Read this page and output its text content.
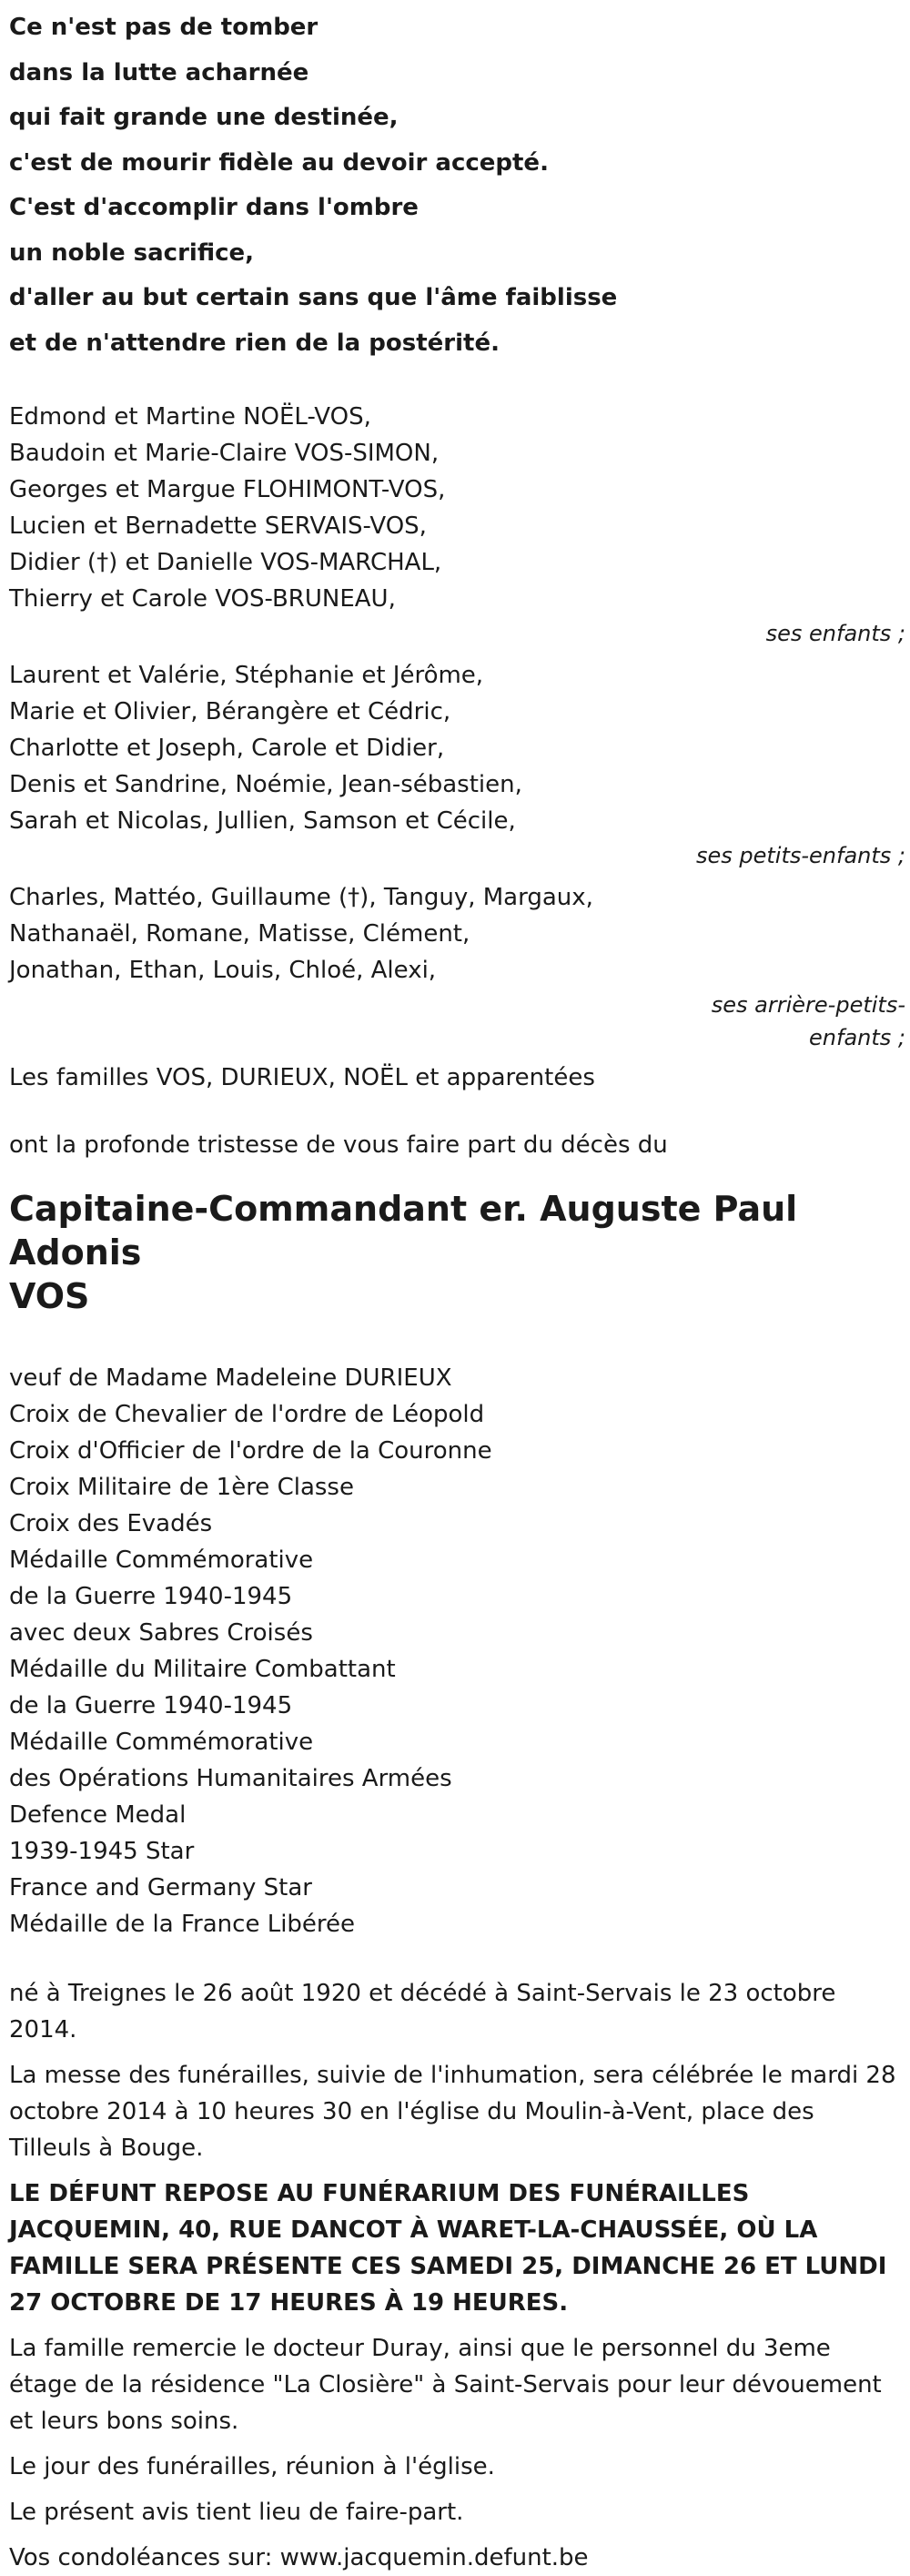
Ce n'est pas de tomber
dans la lutte acharnée
qui fait grande une destinée,
c'est de mourir fidèle au devoir accepté.
C'est d'accomplir dans l'ombre
un noble sacrifice,
d'aller au but certain sans que l'âme faiblisse
et de n'attendre rien de la postérité.
Edmond et Martine NOËL-VOS,
Baudoin et Marie-Claire VOS-SIMON,
Georges et Margue FLOHIMONT-VOS,
Lucien et Bernadette SERVAIS-VOS,
Didier (†) et Danielle VOS-MARCHAL,
Thierry et Carole VOS-BRUNEAU,
ses enfants ;
Laurent et Valérie, Stéphanie et Jérôme,
Marie et Olivier, Bérangère et Cédric,
Charlotte et Joseph, Carole et Didier,
Denis et Sandrine, Noémie, Jean-sébastien,
Sarah et Nicolas, Jullien, Samson et Cécile,
ses petits-enfants ;
Charles, Mattéo, Guillaume (†), Tanguy, Margaux,
Nathanaël, Romane, Matisse, Clément,
Jonathan, Ethan, Louis, Chloé, Alexi,
ses arrière-petits-
enfants ;
Les familles VOS, DURIEUX, NOËL et apparentées
ont la profonde tristesse de vous faire part du décès du
Capitaine-Commandant er. Auguste Paul Adonis
VOS
veuf de Madame Madeleine DURIEUX
Croix de Chevalier de l'ordre de Léopold
Croix d'Officier de l'ordre de la Couronne
Croix Militaire de 1ère Classe
Croix des Evadés
Médaille Commémorative
de la Guerre 1940-1945
avec deux Sabres Croisés
Médaille du Militaire Combattant
de la Guerre 1940-1945
Médaille Commémorative
des Opérations Humanitaires Armées
Defence Medal
1939-1945 Star
France and Germany Star
Médaille de la France Libérée

né à Treignes le 26 août 1920 et décédé à Saint-Servais le 23 octobre 2014.

La messe des funérailles, suivie de l'inhumation, sera célébrée le mardi 28 octobre 2014 à 10 heures 30 en l'église du Moulin-à-Vent, place des Tilleuls à Bouge.

LE DÉFUNT REPOSE AU FUNÉRARIUM DES FUNÉRAILLES JACQUEMIN, 40, RUE DANCOT À WARET-LA-CHAUSSÉE, OÙ LA FAMILLE SERA PRÉSENTE CES SAMEDI 25, DIMANCHE 26 ET LUNDI 27 OCTOBRE DE 17 HEURES À 19 HEURES.

La famille remercie le docteur Duray, ainsi que le personnel du 3eme étage de la résidence "La Closière" à Saint-Servais pour leur dévouement et leurs bons soins.

Le jour des funérailles, réunion à l'église.

Le présent avis tient lieu de faire-part.

Vos condoléances sur: www.jacquemin.defunt.be
